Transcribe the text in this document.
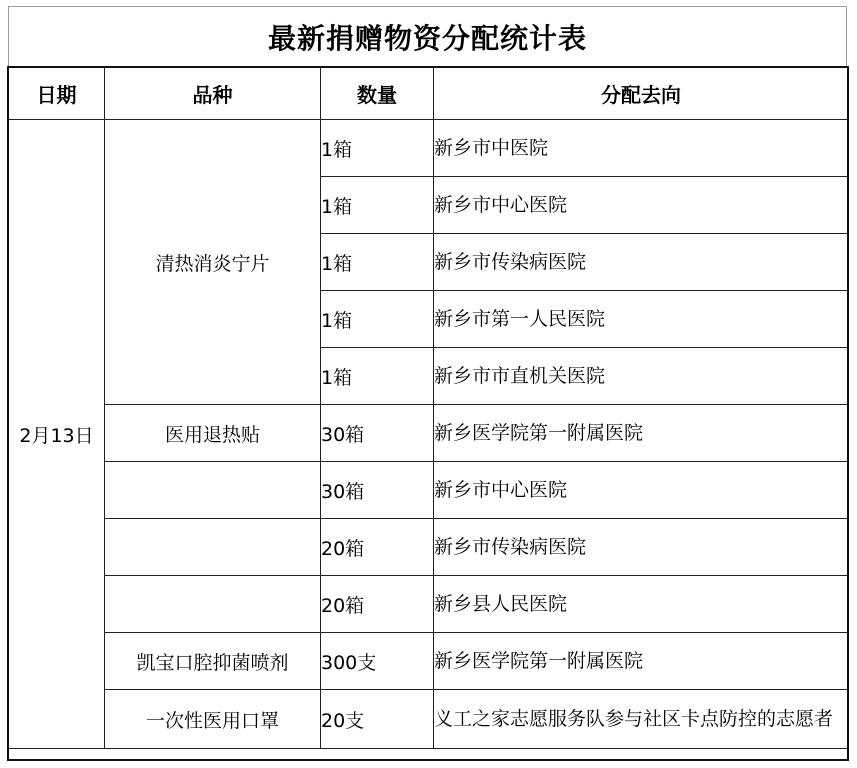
最新捐赠物资分配统计表
日期	品种	数量	分配去向
2月13日	清热消炎宁片	1箱	新乡市中医院
		1箱	新乡市中心医院
		1箱	新乡市传染病医院
		1箱	新乡市第一人民医院
		1箱	新乡市市直机关医院
	医用退热贴	30箱	新乡医学院第一附属医院
		30箱	新乡市中心医院
		20箱	新乡市传染病医院
		20箱	新乡县人民医院
	凯宝口腔抑菌喷剂	300支	新乡医学院第一附属医院
	一次性医用口罩	20支	义工之家志愿服务队参与社区卡点防控的志愿者
